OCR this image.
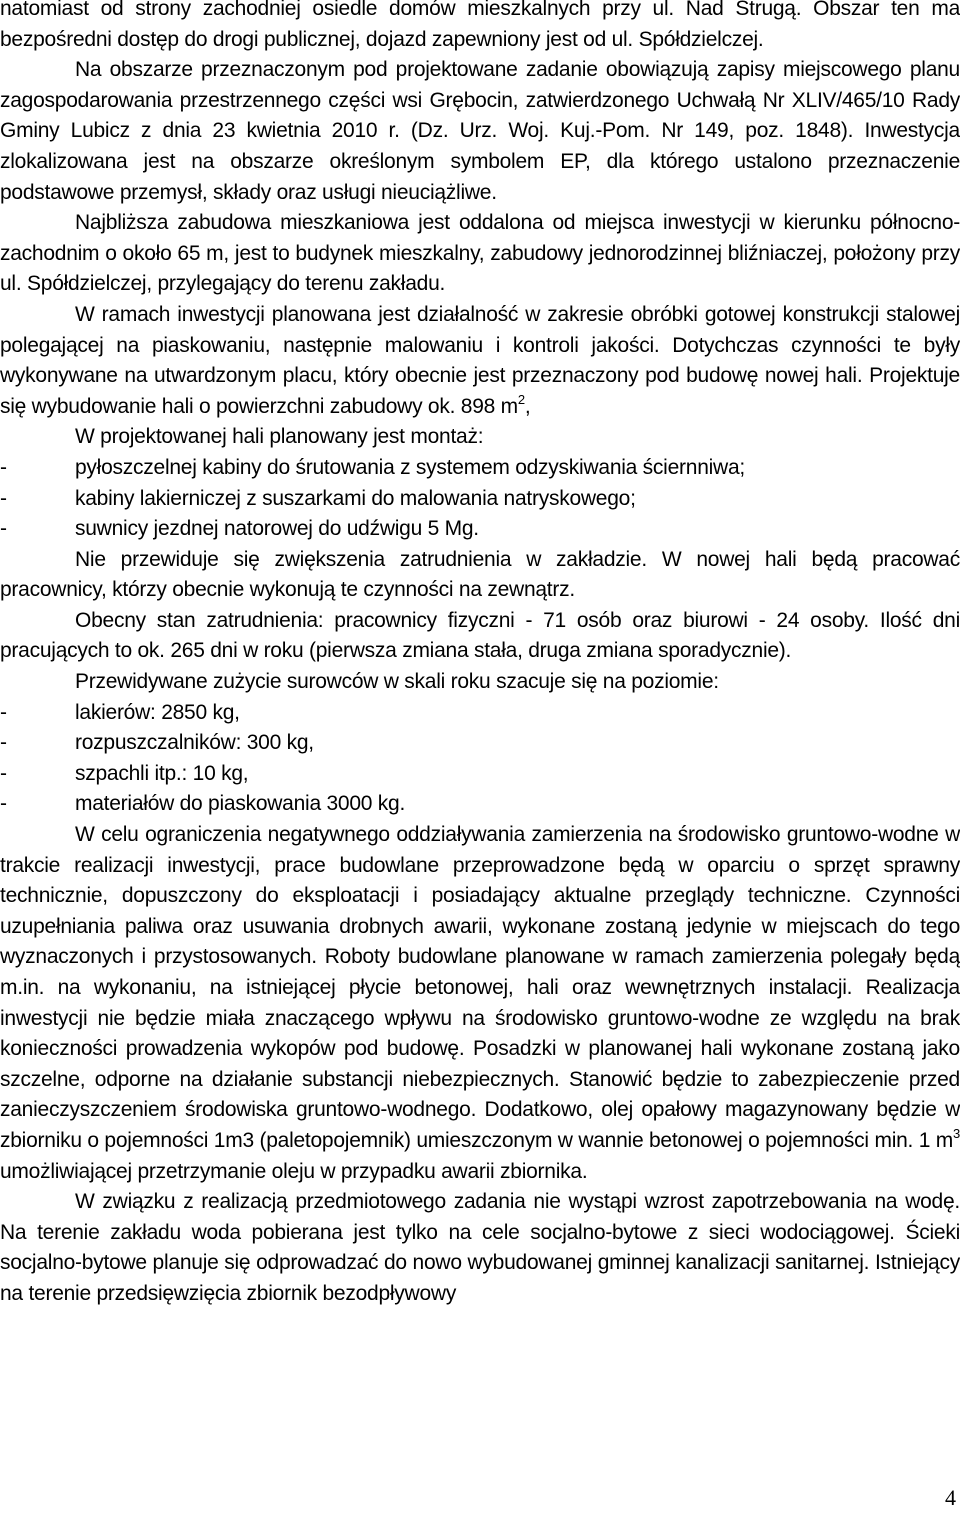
natomiast od strony zachodniej osiedle domów mieszkalnych przy ul. Nad Strugą. Obszar ten ma bezpośredni dostęp do drogi publicznej, dojazd zapewniony jest od ul. Spółdzielczej.

Na obszarze przeznaczonym pod projektowane zadanie obowiązują zapisy miejscowego planu zagospodarowania przestrzennego części wsi Grębocin, zatwierdzonego Uchwałą Nr XLIV/465/10 Rady Gminy Lubicz z dnia 23 kwietnia 2010 r. (Dz. Urz. Woj. Kuj.-Pom. Nr 149, poz. 1848). Inwestycja zlokalizowana jest na obszarze określonym symbolem EP, dla którego ustalono przeznaczenie podstawowe przemysł, składy oraz usługi nieuciążliwe.

Najbliższa zabudowa mieszkaniowa jest oddalona od miejsca inwestycji w kierunku północno-zachodnim o około 65 m, jest to budynek mieszkalny, zabudowy jednorodzinnej bliźniaczej, położony przy ul. Spółdzielczej, przylegający do terenu zakładu.

W ramach inwestycji planowana jest działalność w zakresie obróbki gotowej konstrukcji stalowej polegającej na piaskowaniu, następnie malowaniu i kontroli jakości. Dotychczas czynności te były wykonywane na utwardzonym placu, który obecnie jest przeznaczony pod budowę nowej hali. Projektuje się wybudowanie hali o powierzchni zabudowy ok. 898 $m^2$,

W projektowanej hali planowany jest montaż:

-	pyłoszczelnej kabiny do śrutowania z systemem odzyskiwania ściernniwa;
-	kabiny lakierniczej z suszarkami do malowania natryskowego;
-	suwnicy jezdnej natorowej do udźwigu 5 Mg.

Nie przewiduje się zwiększenia zatrudnienia w zakładzie. W nowej hali będą pracować pracownicy, którzy obecnie wykonują te czynności na zewnątrz.

Obecny stan zatrudnienia: pracownicy fizyczni - 71 osób oraz biurowi - 24 osoby. Ilość dni pracujących to ok. 265 dni w roku (pierwsza zmiana stała, druga zmiana sporadycznie).

Przewidywane zużycie surowców w skali roku szacuje się na poziomie:

-	lakierów: 2850 kg,
-	rozpuszczalników: 300 kg,
-	szpachli itp.: 10 kg,
-	materiałów do piaskowania 3000 kg.

W celu ograniczenia negatywnego oddziaływania zamierzenia na środowisko gruntowo-wodne w trakcie realizacji inwestycji, prace budowlane przeprowadzone będą w oparciu o sprzęt sprawny technicznie, dopuszczony do eksploatacji i posiadający aktualne przeglądy techniczne. Czynności uzupełniania paliwa oraz usuwania drobnych awarii, wykonane zostaną jedynie w miejscach do tego wyznaczonych i przystosowanych. Roboty budowlane planowane w ramach zamierzenia polegały będą m.in. na wykonaniu, na istniejącej płycie betonowej, hali oraz wewnętrznych instalacji. Realizacja inwestycji nie będzie miała znaczącego wpływu na środowisko gruntowo-wodne ze względu na brak konieczności prowadzenia wykopów pod budowę. Posadzki w planowanej hali wykonane zostaną jako szczelne, odporne na działanie substancji niebezpiecznych. Stanowić będzie to zabezpieczenie przed zanieczyszczeniem środowiska gruntowo-wodnego. Dodatkowo, olej opałowy magazynowany będzie w zbiorniku o pojemności 1m3 (paletopojemnik) umieszczonym w wannie betonowej o pojemności min. 1 $m^3$ umożliwiającej przetrzymanie oleju w przypadku awarii zbiornika.

W związku z realizacją przedmiotowego zadania nie wystąpi wzrost zapotrzebowania na wodę. Na terenie zakładu woda pobierana jest tylko na cele socjalno-bytowe z sieci wodociągowej. Ścieki socjalno-bytowe planuje się odprowadzać do nowo wybudowanej gminnej kanalizacji sanitarnej. Istniejący na terenie przedsięwzięcia zbiornik bezodpływowy

4
